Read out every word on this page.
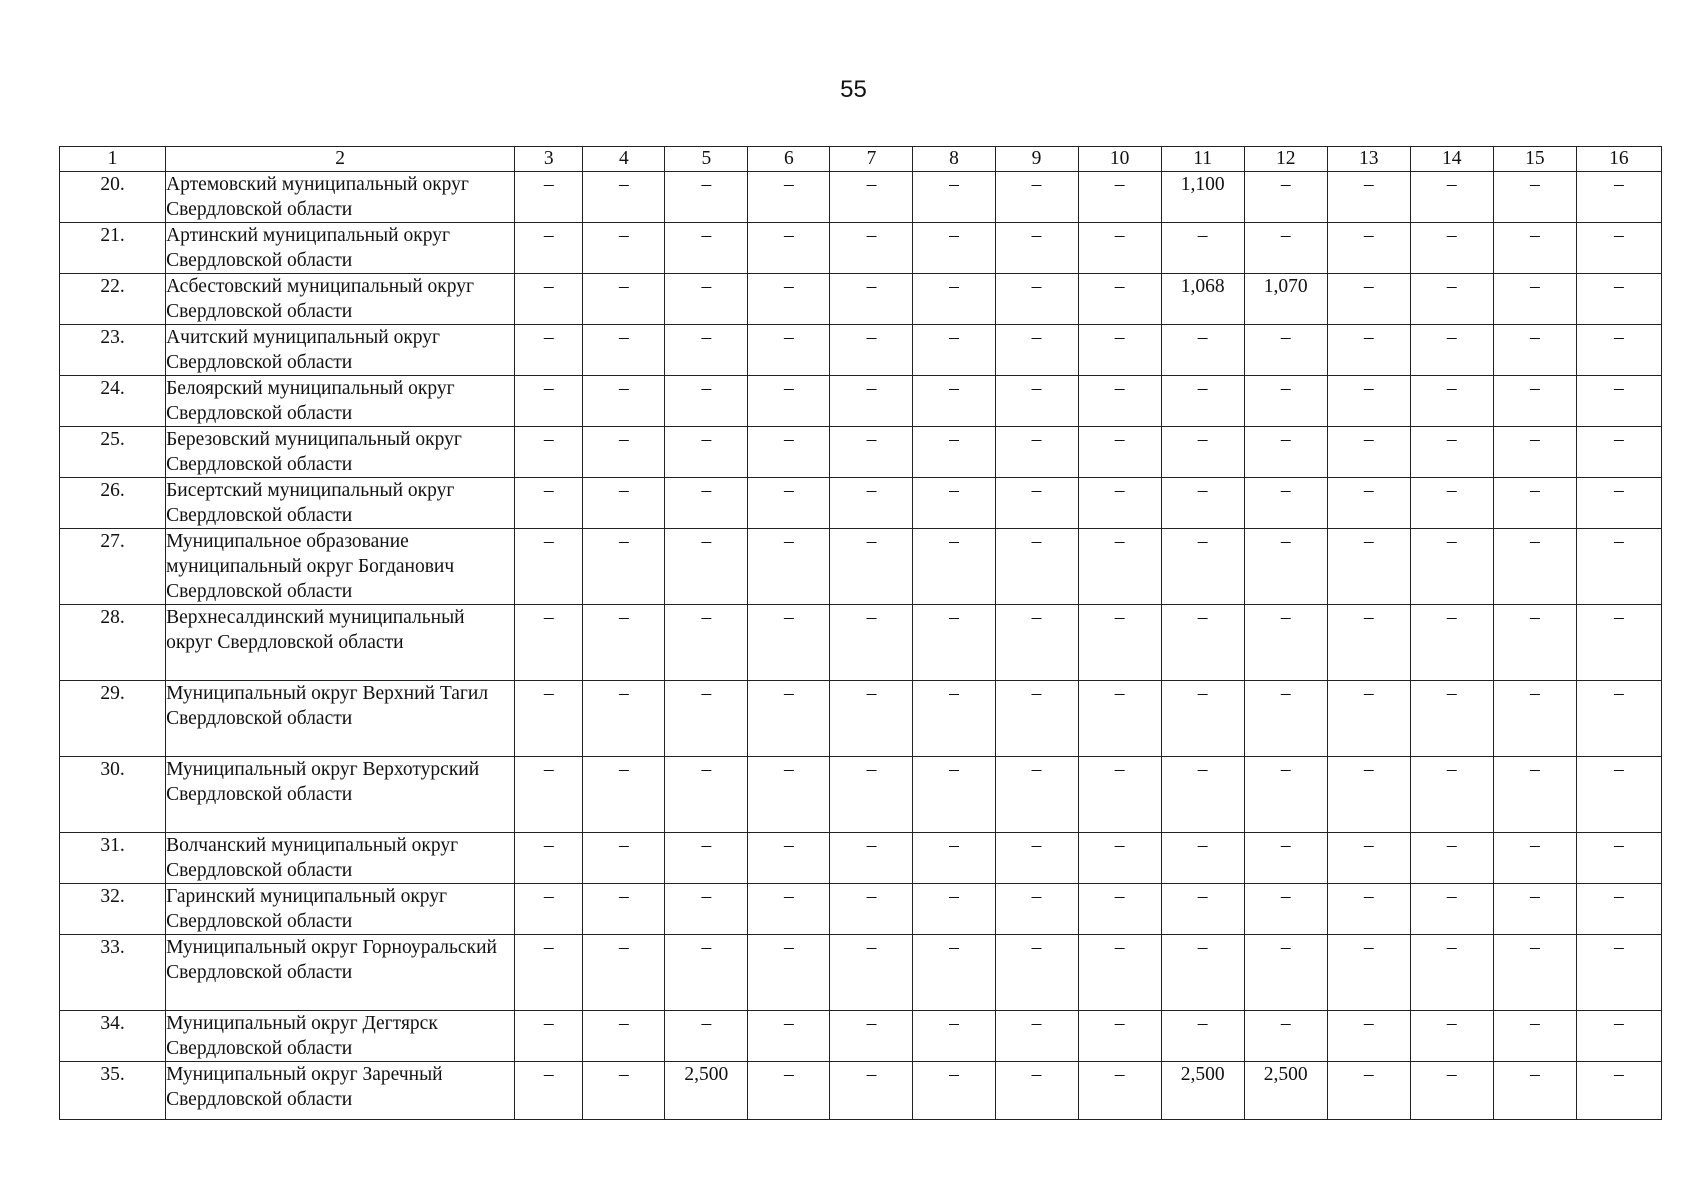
55
1	2	3	4	5	6	7	8	9	10	11	12	13	14	15	16
20.	Артемовский муниципальный округ Свердловской области	–	–	–	–	–	–	–	–	1,100	–	–	–	–	–
21.	Артинский муниципальный округ Свердловской области	–	–	–	–	–	–	–	–	–	–	–	–	–	–
22.	Асбестовский муниципальный округ Свердловской области	–	–	–	–	–	–	–	–	1,068	1,070	–	–	–	–
23.	Ачитский муниципальный округ Свердловской области	–	–	–	–	–	–	–	–	–	–	–	–	–	–
24.	Белоярский муниципальный округ Свердловской области	–	–	–	–	–	–	–	–	–	–	–	–	–	–
25.	Березовский муниципальный округ Свердловской области	–	–	–	–	–	–	–	–	–	–	–	–	–	–
26.	Бисертский муниципальный округ Свердловской области	–	–	–	–	–	–	–	–	–	–	–	–	–	–
27.	Муниципальное образование муниципальный округ Богданович Свердловской области	–	–	–	–	–	–	–	–	–	–	–	–	–	–
28.	Верхнесалдинский муниципальный округ Свердловской области	–	–	–	–	–	–	–	–	–	–	–	–	–	–
29.	Муниципальный округ Верхний Тагил Свердловской области	–	–	–	–	–	–	–	–	–	–	–	–	–	–
30.	Муниципальный округ Верхотурский Свердловской области	–	–	–	–	–	–	–	–	–	–	–	–	–	–
31.	Волчанский муниципальный округ Свердловской области	–	–	–	–	–	–	–	–	–	–	–	–	–	–
32.	Гаринский муниципальный округ Свердловской области	–	–	–	–	–	–	–	–	–	–	–	–	–	–
33.	Муниципальный округ Горноуральский Свердловской области	–	–	–	–	–	–	–	–	–	–	–	–	–	–
34.	Муниципальный округ Дегтярск Свердловской области	–	–	–	–	–	–	–	–	–	–	–	–	–	–
35.	Муниципальный округ Заречный Свердловской области	–	–	2,500	–	–	–	–	–	2,500	2,500	–	–	–	–
